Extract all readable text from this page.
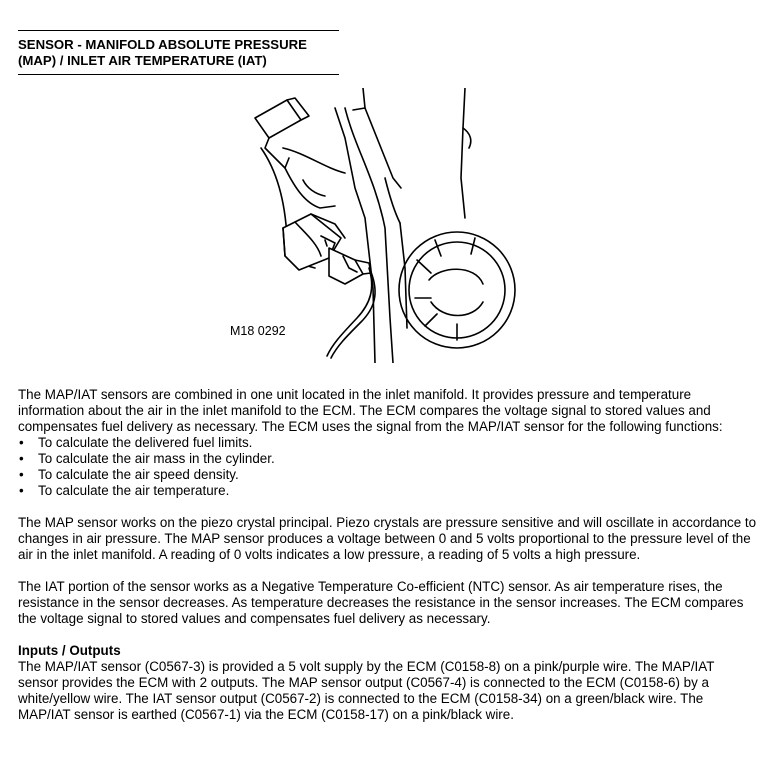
SENSOR - MANIFOLD ABSOLUTE PRESSURE
(MAP) / INLET AIR TEMPERATURE (IAT)
M18 0292

The MAP/IAT sensors are combined in one unit located in the inlet manifold. It provides pressure and temperature information about the air in the inlet manifold to the ECM. The ECM compares the voltage signal to stored values and compensates fuel delivery as necessary. The ECM uses the signal from the MAP/IAT sensor for the following functions:

• To calculate the delivered fuel limits.
• To calculate the air mass in the cylinder.
• To calculate the air speed density.
• To calculate the air temperature.

The MAP sensor works on the piezo crystal principal. Piezo crystals are pressure sensitive and will oscillate in accordance to changes in air pressure. The MAP sensor produces a voltage between 0 and 5 volts proportional to the pressure level of the air in the inlet manifold. A reading of 0 volts indicates a low pressure, a reading of 5 volts a high pressure.

The IAT portion of the sensor works as a Negative Temperature Co-efficient (NTC) sensor. As air temperature rises, the resistance in the sensor decreases. As temperature decreases the resistance in the sensor increases. The ECM compares the voltage signal to stored values and compensates fuel delivery as necessary.

Inputs / Outputs

The MAP/IAT sensor (C0567-3) is provided a 5 volt supply by the ECM (C0158-8) on a pink/purple wire. The MAP/IAT sensor provides the ECM with 2 outputs. The MAP sensor output (C0567-4) is connected to the ECM (C0158-6) by a white/yellow wire. The IAT sensor output (C0567-2) is connected to the ECM (C0158-34) on a green/black wire. The MAP/IAT sensor is earthed (C0567-1) via the ECM (C0158-17) on a pink/black wire.
